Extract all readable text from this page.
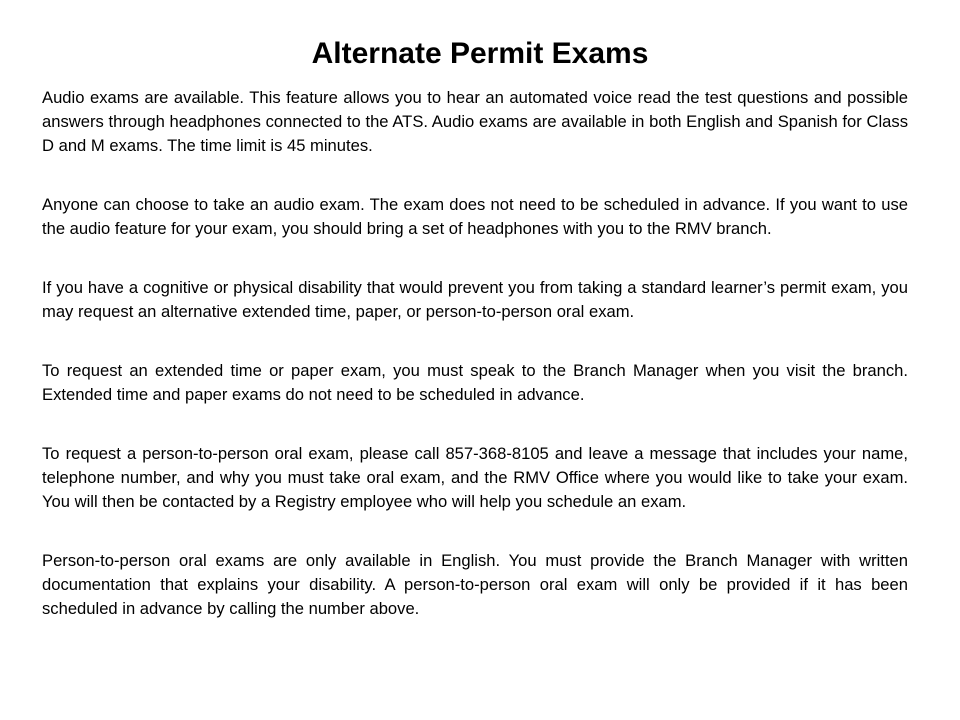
Alternate Permit Exams

Audio exams are available. This feature allows you to hear an automated voice read the test questions and possible answers through headphones connected to the ATS. Audio exams are available in both English and Spanish for Class D and M exams. The time limit is 45 minutes.

Anyone can choose to take an audio exam. The exam does not need to be scheduled in advance. If you want to use the audio feature for your exam, you should bring a set of headphones with you to the RMV branch.

If you have a cognitive or physical disability that would prevent you from taking a standard learner’s permit exam, you may request an alternative extended time, paper, or person-to-person oral exam.

To request an extended time or paper exam, you must speak to the Branch Manager when you visit the branch. Extended time and paper exams do not need to be scheduled in advance.

To request a person-to-person oral exam, please call 857-368-8105 and leave a message that includes your name, telephone number, and why you must take oral exam, and the RMV Office where you would like to take your exam. You will then be contacted by a Registry employee who will help you schedule an exam.

Person-to-person oral exams are only available in English. You must provide the Branch Manager with written documentation that explains your disability. A person-to-person oral exam will only be provided if it has been scheduled in advance by calling the number above.
